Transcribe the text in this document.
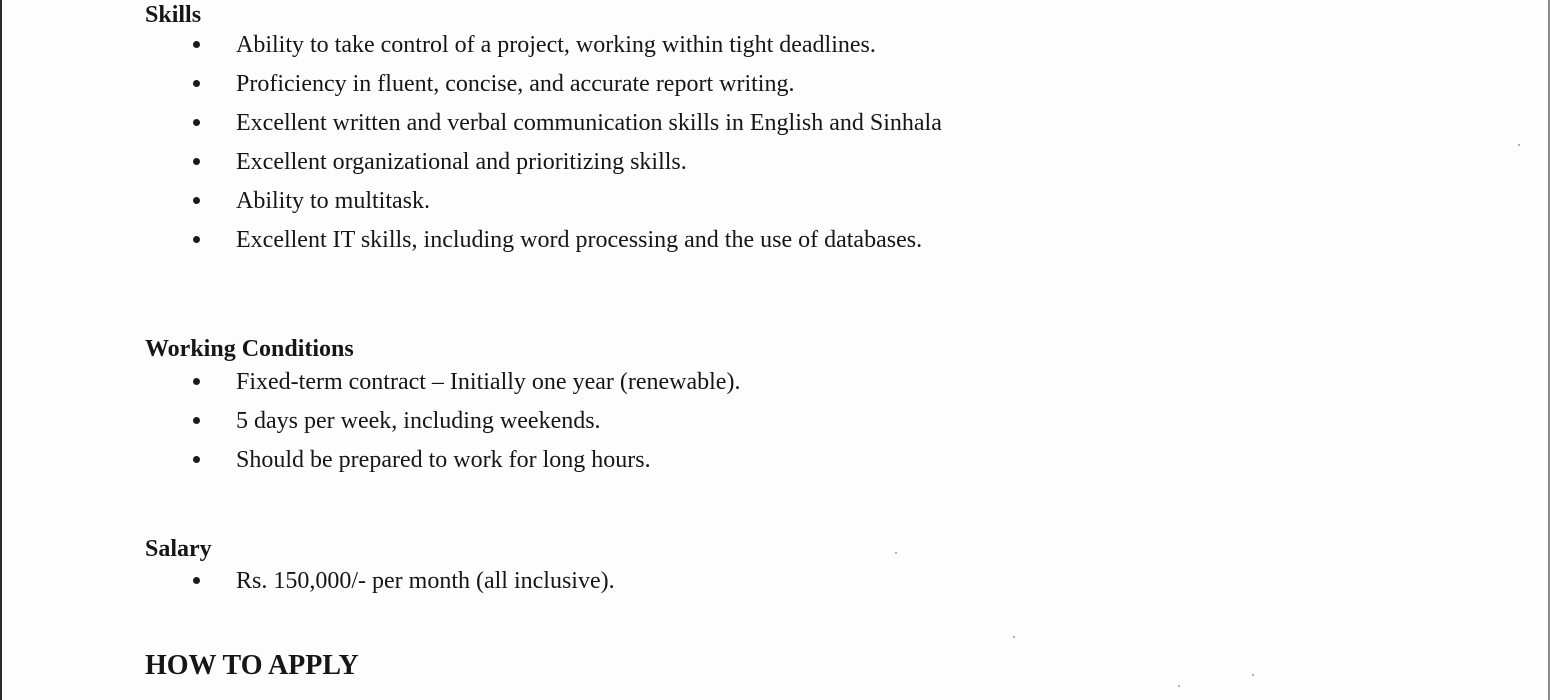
Skills
Ability to take control of a project, working within tight deadlines.
Proficiency in fluent, concise, and accurate report writing.
Excellent written and verbal communication skills in English and Sinhala
Excellent organizational and prioritizing skills.
Ability to multitask.
Excellent IT skills, including word processing and the use of databases.
Working Conditions
Fixed-term contract – Initially one year (renewable).
5 days per week, including weekends.
Should be prepared to work for long hours.
Salary
Rs. 150,000/- per month (all inclusive).
HOW TO APPLY
